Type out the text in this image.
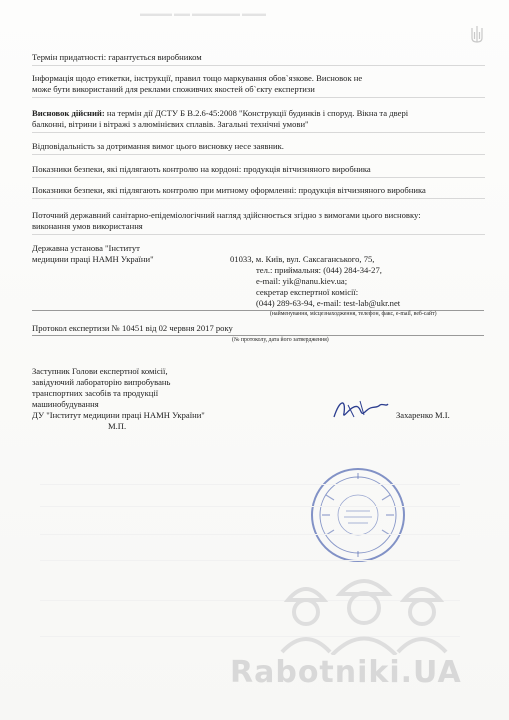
▬▬▬▬ ▬▬ ▬▬▬▬▬▬ ▬▬▬
Термін придатності: гарантується виробником
Інформація щодо етикетки, інструкції, правил тощо маркування обов`язкове. Висновок не
може бути використаний для реклами споживчих якостей об`єкту експертизи
Висновок дійсний: на термін дії ДСТУ Б В.2.6-45:2008 "Конструкції будинків і споруд. Вікна та двері
балконні, вітрини і вітражі з алюмінієвих сплавів. Загальні технічні умови"
Відповідальність за дотримання вимог цього висновку несе заявник.
Показники безпеки, які підлягають контролю на кордоні: продукція вітчизняного виробника
Показники безпеки, які підлягають контролю при митному оформленні: продукція вітчизняного виробника
Поточний державний санітарно-епідеміологічний нагляд здійснюється згідно з вимогами цього висновку:
виконання умов використання
Державна установа "Інститут
медицини праці НАМН України"	01033, м. Київ, вул. Саксаганського, 75,
тел.: приймальня: (044) 284-34-27,
e-mail: yik@nanu.kiev.ua;
секретар експертної комісії:
(044) 289-63-94, e-mail: test-lab@ukr.net
(найменування, місцезнаходження, телефон, факс, e-mail, веб-сайт)
Протокол експертизи № 10451 від 02 червня 2017 року
(№ протоколу, дата його затвердження)
Заступник Голови експертної комісії,
завідуючий лабораторію випробувань
транспортних засобів та продукції
машинобудування
ДУ "Інститут медицини праці НАМН України"
М.П.
Захаренко М.І.
Rabotniki.UA
